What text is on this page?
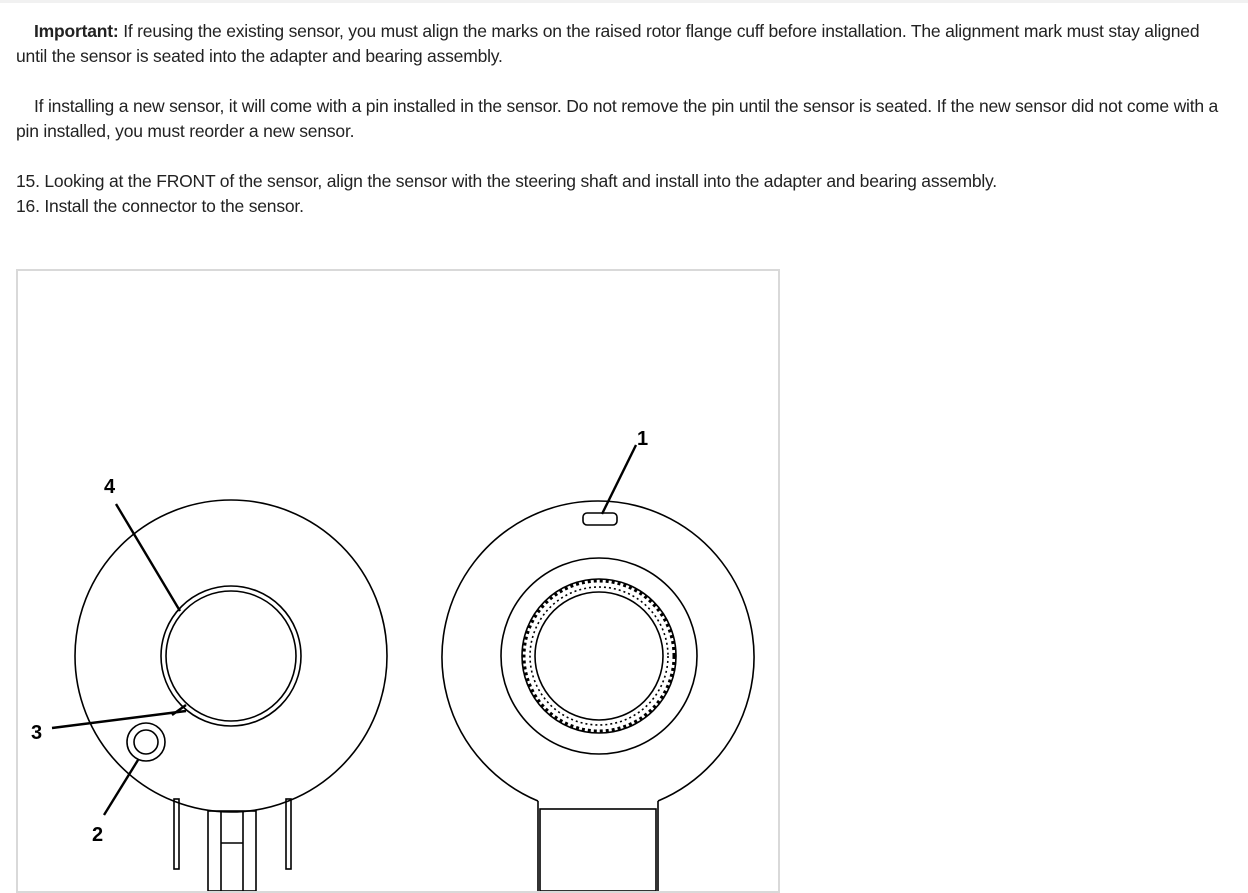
Important: If reusing the existing sensor, you must align the marks on the raised rotor flange cuff before installation. The alignment mark must stay aligned until the sensor is seated into the adapter and bearing assembly.

If installing a new sensor, it will come with a pin installed in the sensor. Do not remove the pin until the sensor is seated. If the new sensor did not come with a pin installed, you must reorder a new sensor.

15. Looking at the FRONT of the sensor, align the sensor with the steering shaft and install into the adapter and bearing assembly.
16. Install the connector to the sensor.
1
2
3
4
